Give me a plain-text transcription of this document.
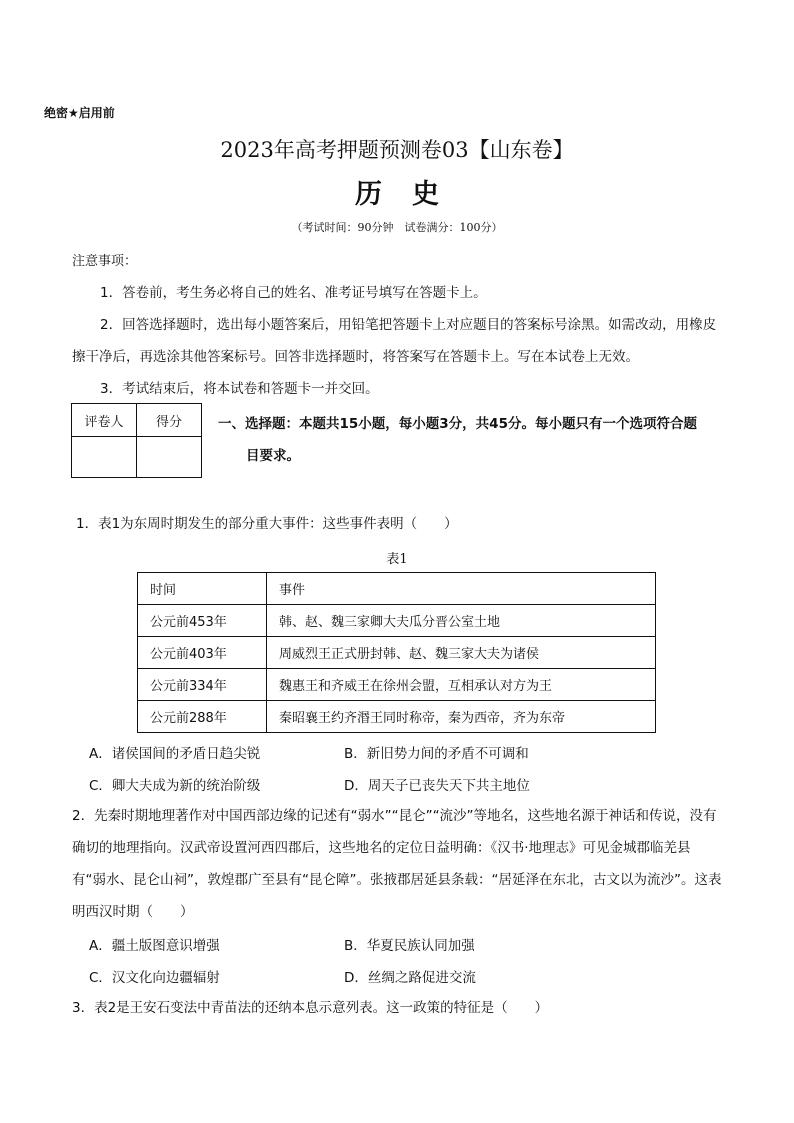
绝密★启用前
2023年高考押题预测卷03【山东卷】
历史
（考试时间：90分钟　试卷满分：100分）
注意事项：
1．答卷前，考生务必将自己的姓名、准考证号填写在答题卡上。
2．回答选择题时，选出每小题答案后，用铅笔把答题卡上对应题目的答案标号涂黑。如需改动，用橡皮擦干净后，再选涂其他答案标号。回答非选择题时，将答案写在答题卡上。写在本试卷上无效。
3．考试结束后，将本试卷和答题卡一并交回。
评卷人	得分
		一、选择题：本题共15小题，每小题3分，共45分。每小题只有一个选项符合题
目要求。
1．表1为东周时期发生的部分重大事件：这些事件表明（　　）
表1
时间	事件
公元前453年	韩、赵、魏三家卿大夫瓜分晋公室土地
公元前403年	周威烈王正式册封韩、赵、魏三家大夫为诸侯
公元前334年	魏惠王和齐威王在徐州会盟，互相承认对方为王
公元前288年	秦昭襄王约齐湣王同时称帝，秦为西帝，齐为东帝
A．诸侯国间的矛盾日趋尖锐	B．新旧势力间的矛盾不可调和
C．卿大夫成为新的统治阶级	D．周天子已丧失天下共主地位
2．先秦时期地理著作对中国西部边缘的记述有“弱水”“昆仑”“流沙”等地名，这些地名源于神话和传说，没有确切的地理指向。汉武帝设置河西四郡后，这些地名的定位日益明确：《汉书·地理志》可见金城郡临羌县有“弱水、昆仑山祠”，敦煌郡广至县有“昆仑障”。张掖郡居延县条载：“居延泽在东北，古文以为流沙”。这表明西汉时期（　　）
A．疆土版图意识增强	B．华夏民族认同加强
C．汉文化向边疆辐射	D．丝绸之路促进交流
3．表2是王安石变法中青苗法的还纳本息示意列表。这一政策的特征是（　　）
